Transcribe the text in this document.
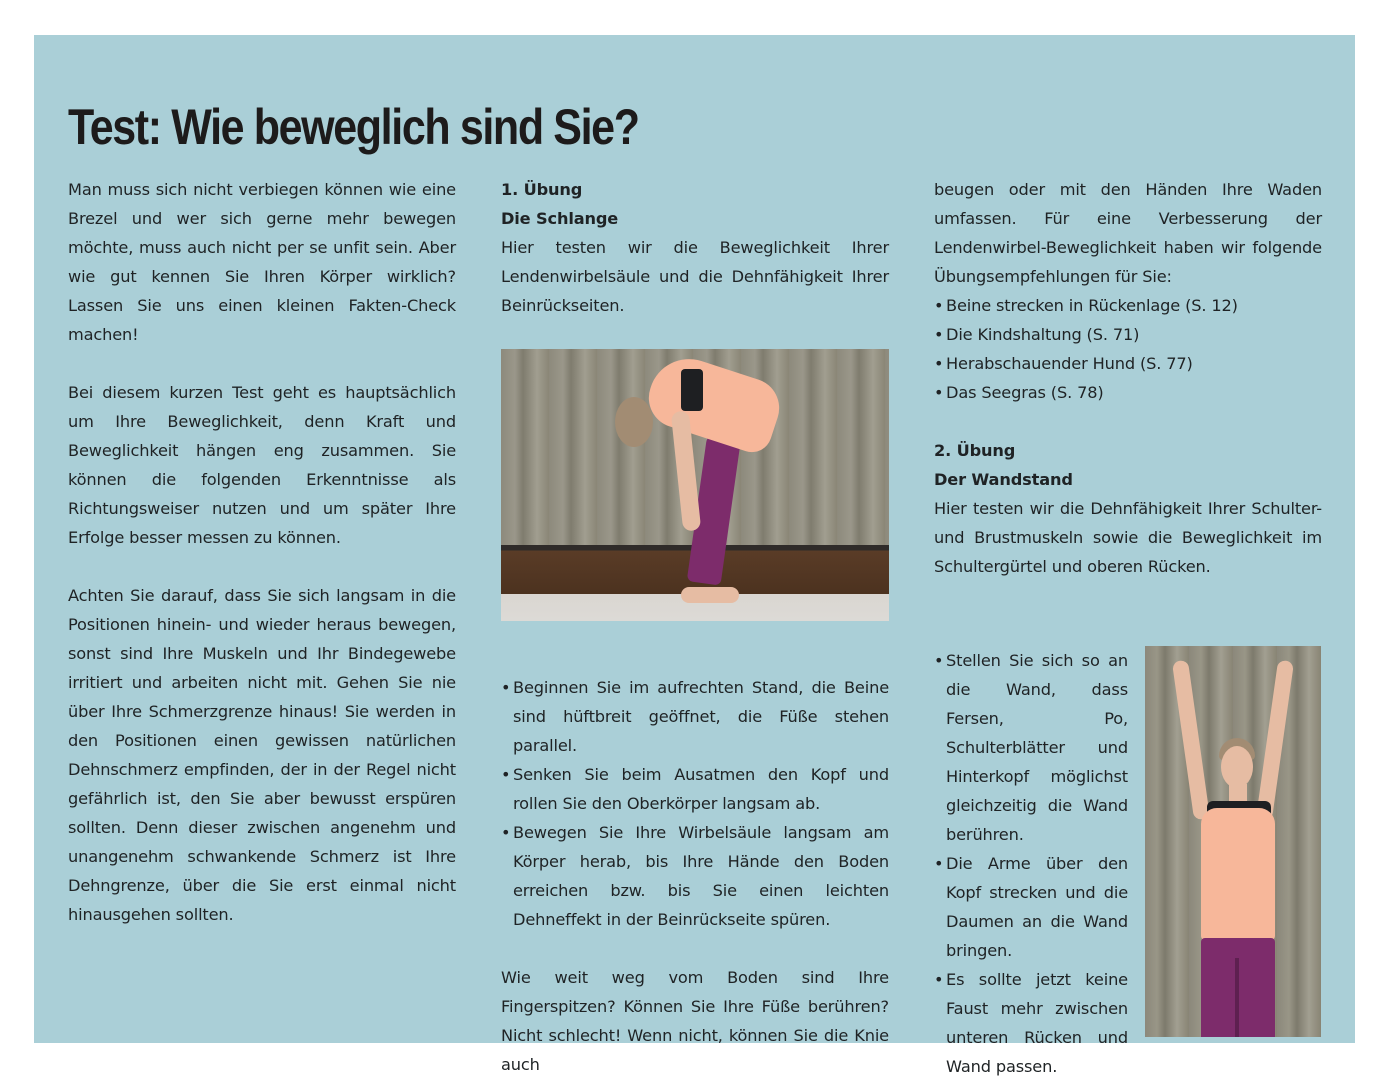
Test: Wie beweglich sind Sie?

Man muss sich nicht verbiegen können wie eine Brezel und wer sich gerne mehr bewegen möchte, muss auch nicht per se unfit sein. Aber wie gut kennen Sie Ihren Körper wirklich? Lassen Sie uns einen kleinen Fakten-Check machen!

Bei diesem kurzen Test geht es hauptsächlich um Ihre Beweglichkeit, denn Kraft und Beweglichkeit hängen eng zusammen. Sie können die folgenden Erkenntnisse als Richtungsweiser nutzen und um später Ihre Erfolge besser messen zu können.

Achten Sie darauf, dass Sie sich langsam in die Positionen hinein- und wieder heraus bewegen, sonst sind Ihre Muskeln und Ihr Bindegewebe irritiert und arbeiten nicht mit. Gehen Sie nie über Ihre Schmerzgrenze hinaus! Sie werden in den Positionen einen gewissen natürlichen Dehnschmerz empfinden, der in der Regel nicht gefährlich ist, den Sie aber bewusst erspüren sollten. Denn dieser zwischen angenehm und unangenehm schwankende Schmerz ist Ihre Dehngrenze, über die Sie erst einmal nicht hinausgehen sollten.

1. Übung
Die Schlange

Hier testen wir die Beweglichkeit Ihrer Lendenwirbelsäule und die Dehnfähigkeit Ihrer Beinrückseiten.

• Beginnen Sie im aufrechten Stand, die Beine sind hüftbreit geöffnet, die Füße stehen parallel.
• Senken Sie beim Ausatmen den Kopf und rollen Sie den Oberkörper langsam ab.
• Bewegen Sie Ihre Wirbelsäule langsam am Körper herab, bis Ihre Hände den Boden erreichen bzw. bis Sie einen leichten Dehneffekt in der Beinrückseite spüren.

Wie weit weg vom Boden sind Ihre Fingerspitzen? Können Sie Ihre Füße berühren? Nicht schlecht! Wenn nicht, können Sie die Knie auch

beugen oder mit den Händen Ihre Waden umfassen. Für eine Verbesserung der Lendenwirbel-Beweglichkeit haben wir folgende Übungsempfehlungen für Sie:

• Beine strecken in Rückenlage (S. 12)
• Die Kindshaltung (S. 71)
• Herabschauender Hund (S. 77)
• Das Seegras (S. 78)
2. Übung
Der Wandstand

Hier testen wir die Dehnfähigkeit Ihrer Schulter- und Brustmuskeln sowie die Beweglichkeit im Schultergürtel und oberen Rücken.

• Stellen Sie sich so an die Wand, dass Fersen, Po, Schulterblätter und Hinterkopf möglichst gleichzeitig die Wand berühren.
• Die Arme über den Kopf strecken und die Daumen an die Wand bringen.
• Es sollte jetzt keine Faust mehr zwischen unteren Rücken und Wand passen.
